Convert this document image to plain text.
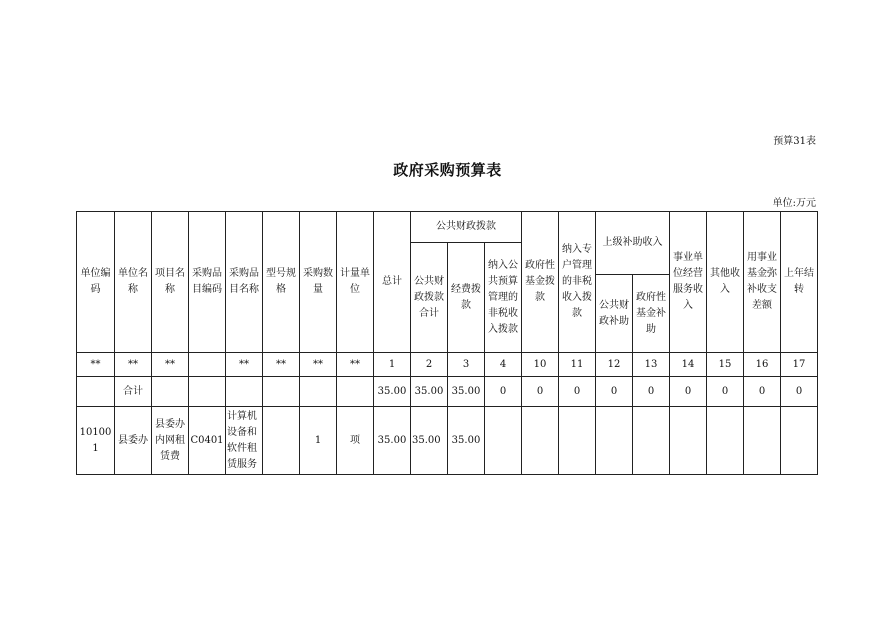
预算31表
政府采购预算表
单位:万元
单位编码	单位名称	项目名称	采购品目编码	采购品目名称	型号规格	采购数量	计量单位	总计	公共财政拨款			政府性基金拨款	纳入专户管理的非税收入拨款	上级补助收入		事业单位经营服务收入	其他收入	用事业基金弥补收支差额	上年结转
									公共财政拨款合计	经费拨款	纳入公共预算管理的非税收入拨款								
														公共财政补助	政府性基金补助				
**	**	**		**	**	**	**	1	2	3	4	10	11	12	13	14	15	16	17
	合计							35.00	35.00	35.00	0	0	0	0	0	0	0	0	0
101001	县委办	县委办内网租赁费	C0401	计算机设备和软件租赁服务		1	项	35.00	35.00	35.00									
